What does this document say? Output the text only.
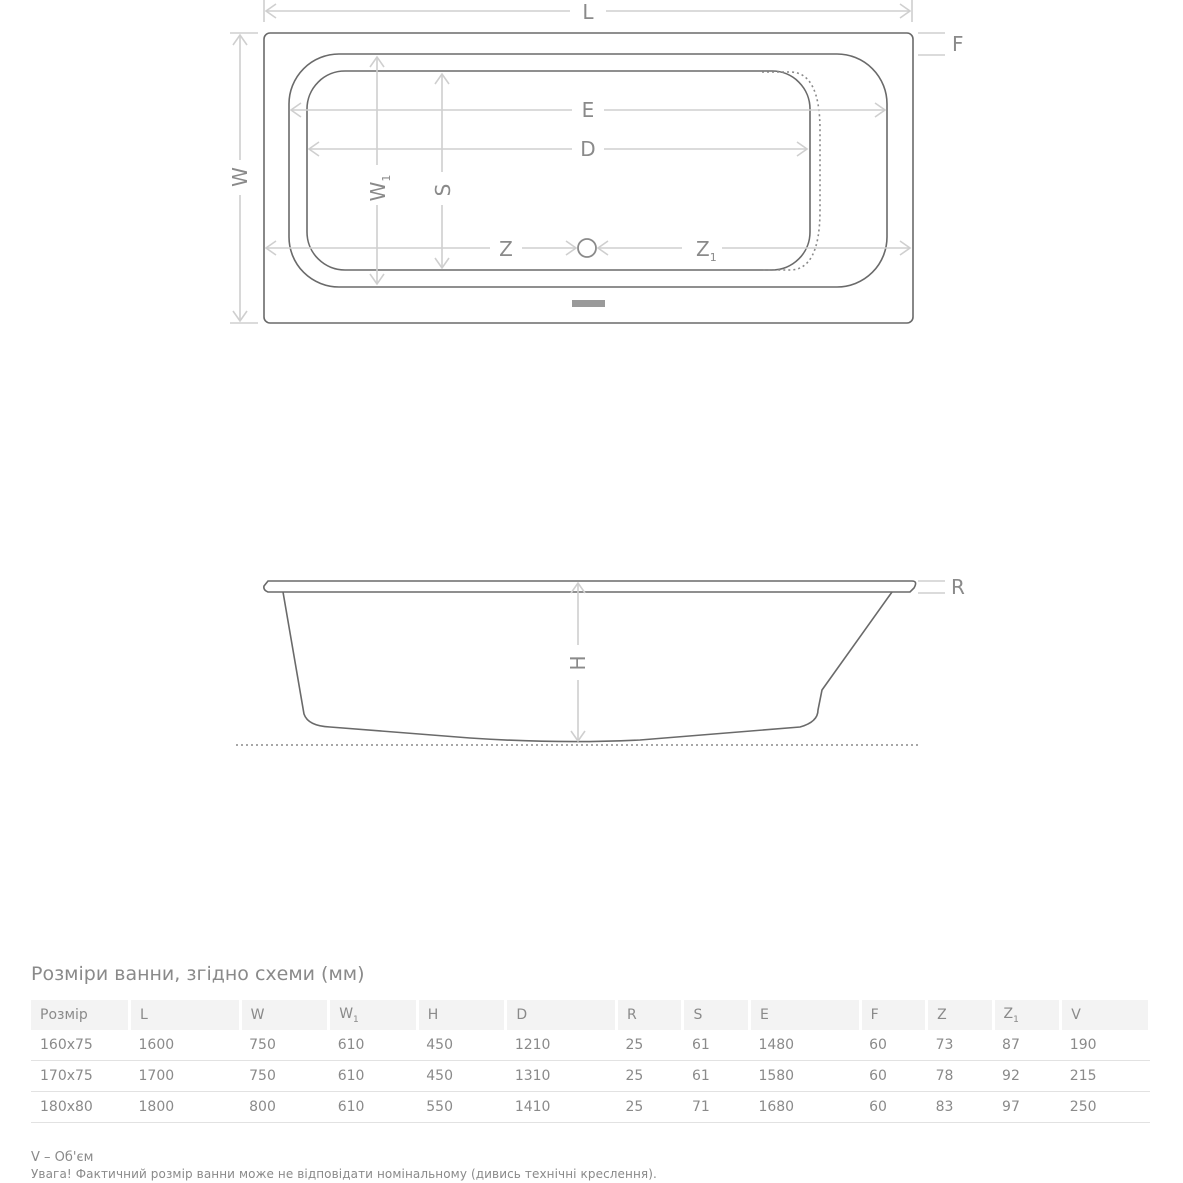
L
F
W
$W_1$
S
E
D
Z	$Z_1$
R
H
Розміри ванни, згідно схеми (мм)
Розмір	L	W	$W_1$	H	D	R	S	E	F	Z	$Z_1$	V
160x75	1600	750	610	450	1210	25	61	1480	60	73	87	190
170x75	1700	750	610	450	1310	25	61	1580	60	78	92	215
180x80	1800	800	610	550	1410	25	71	1680	60	83	97	250
V – Об'єм
Увага! Фактичний розмір ванни може не відповідати номінальному (дивись технічні креслення).
